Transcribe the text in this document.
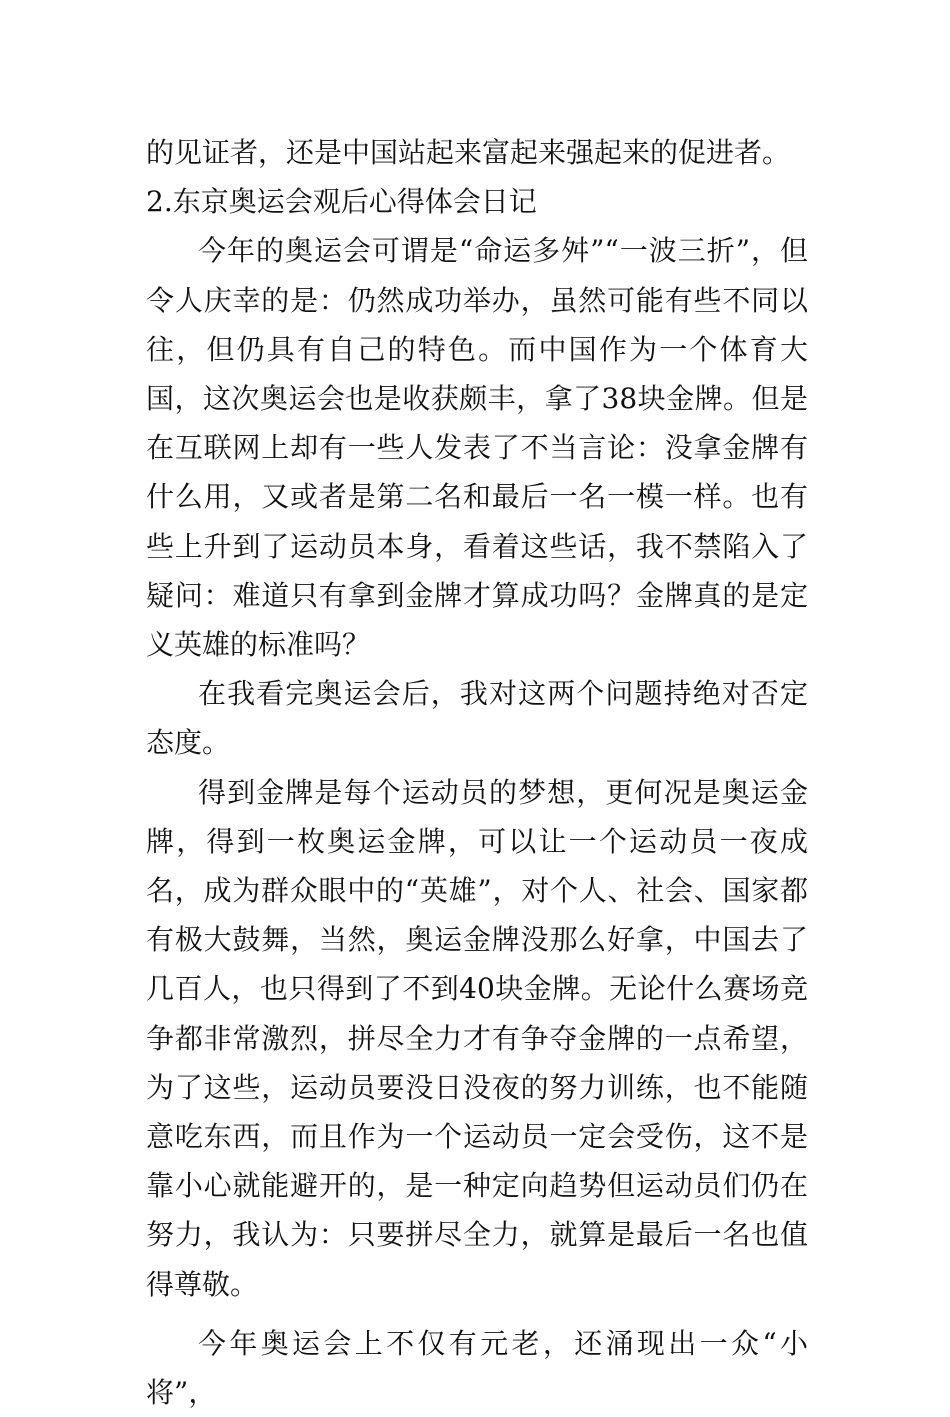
的见证者，还是中国站起来富起来强起来的促进者。

2.东京奥运会观后心得体会日记

今年的奥运会可谓是“命运多舛”“一波三折”，但令人庆幸的是：仍然成功举办，虽然可能有些不同以往，但仍具有自己的特色。而中国作为一个体育大国，这次奥运会也是收获颇丰，拿了38块金牌。但是在互联网上却有一些人发表了不当言论：没拿金牌有什么用，又或者是第二名和最后一名一模一样。也有些上升到了运动员本身，看着这些话，我不禁陷入了疑问：难道只有拿到金牌才算成功吗？金牌真的是定义英雄的标准吗？

在我看完奥运会后，我对这两个问题持绝对否定态度。

得到金牌是每个运动员的梦想，更何况是奥运金牌，得到一枚奥运金牌，可以让一个运动员一夜成名，成为群众眼中的“英雄”，对个人、社会、国家都有极大鼓舞，当然，奥运金牌没那么好拿，中国去了几百人，也只得到了不到40块金牌。无论什么赛场竞争都非常激烈，拼尽全力才有争夺金牌的一点希望，为了这些，运动员要没日没夜的努力训练，也不能随意吃东西，而且作为一个运动员一定会受伤，这不是靠小心就能避开的，是一种定向趋势但运动员们仍在努力，我认为：只要拼尽全力，就算是最后一名也值得尊敬。

今年奥运会上不仅有元老，还涌现出一众“小将”，
